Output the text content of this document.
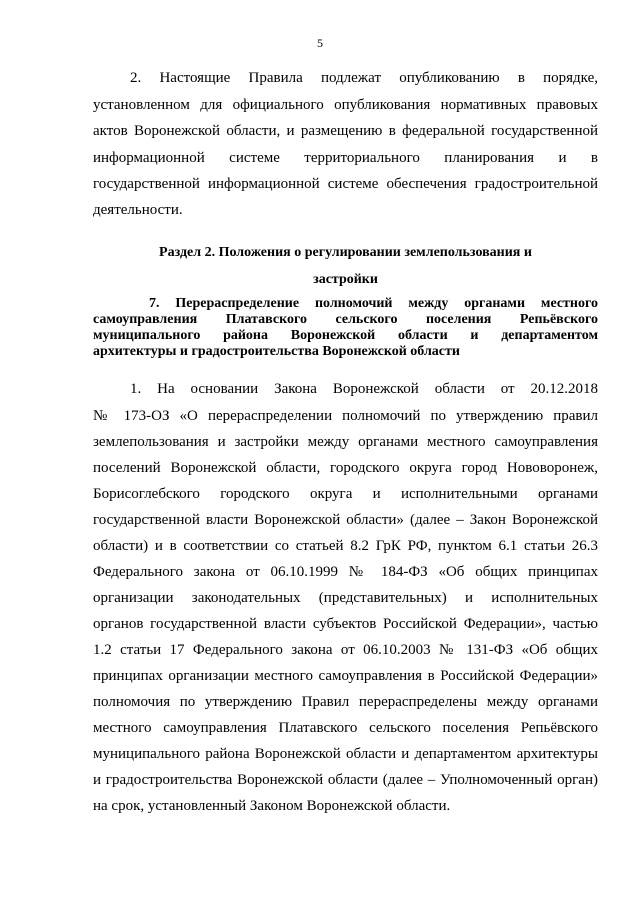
5
2. Настоящие Правила подлежат опубликованию в порядке,
установленном для официального опубликования нормативных правовых
актов Воронежской области, и размещению в федеральной государственной
информационной системе территориального планирования и в
государственной информационной системе обеспечения градостроительной
деятельности.
Раздел 2. Положения о регулировании землепользования и
застройки
7. Перераспределение полномочий между органами местного
самоуправления Платавского сельского поселения Репьёвского
муниципального района Воронежской области и департаментом
архитектуры и градостроительства Воронежской области
1. На основании Закона Воронежской области от 20.12.2018
№ 173-ОЗ «О перераспределении полномочий по утверждению правил
землепользования и застройки между органами местного самоуправления
поселений Воронежской области, городского округа город Нововоронеж,
Борисоглебского городского округа и исполнительными органами
государственной власти Воронежской области» (далее – Закон Воронежской
области) и в соответствии со статьей 8.2 ГрК РФ, пунктом 6.1 статьи 26.3
Федерального закона от 06.10.1999 № 184-ФЗ «Об общих принципах
организации законодательных (представительных) и исполнительных
органов государственной власти субъектов Российской Федерации», частью
1.2 статьи 17 Федерального закона от 06.10.2003 № 131-ФЗ «Об общих
принципах организации местного самоуправления в Российской Федерации»
полномочия по утверждению Правил перераспределены между органами
местного самоуправления Платавского сельского поселения Репьёвского
муниципального района Воронежской области и департаментом архитектуры
и градостроительства Воронежской области (далее – Уполномоченный орган)
на срок, установленный Законом Воронежской области.
